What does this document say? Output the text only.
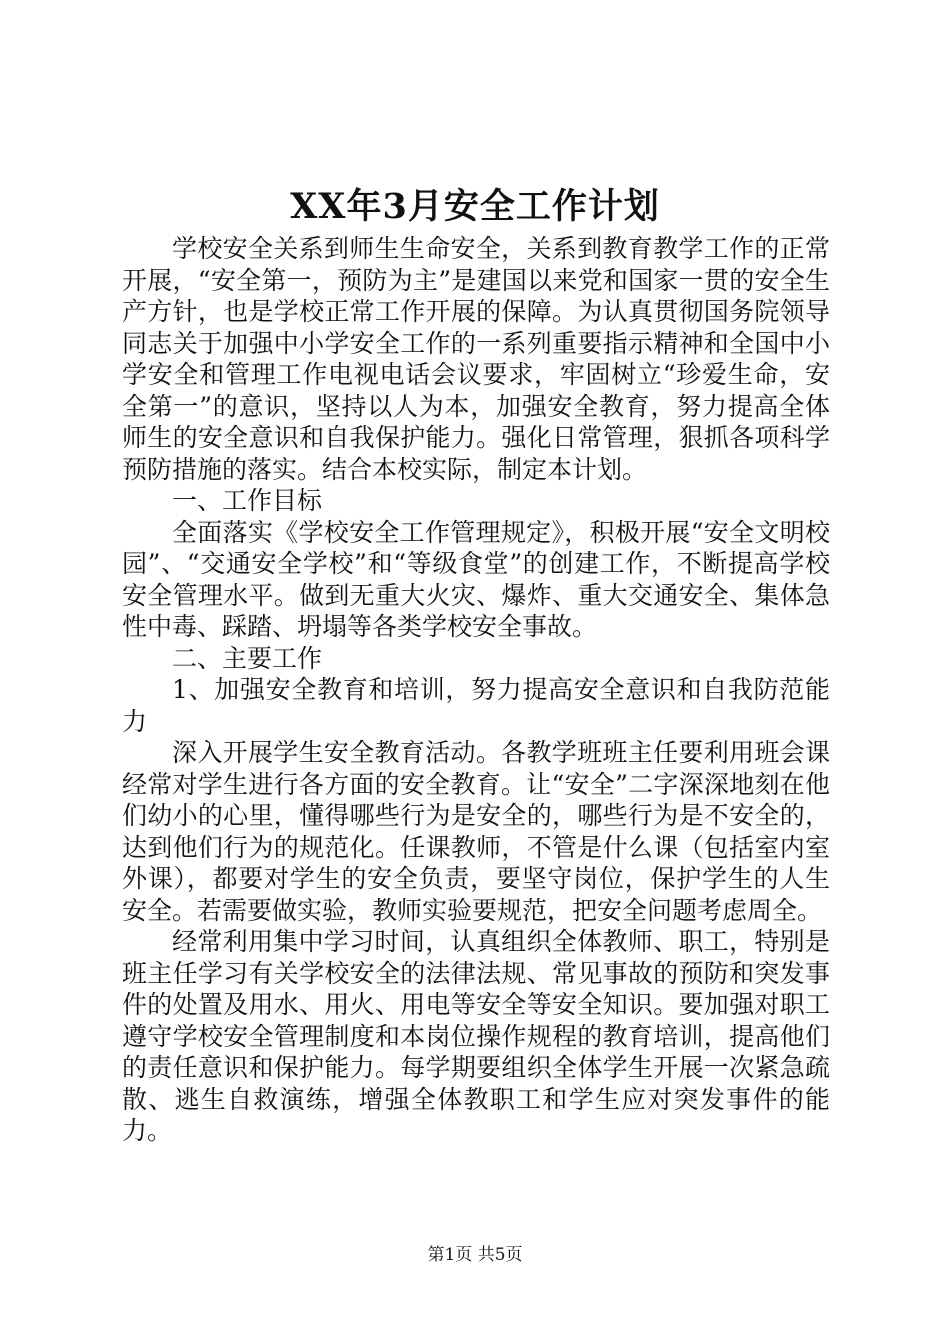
XX年3月安全工作计划

学校安全关系到师生生命安全，关系到教育教学工作的正常开展，“安全第一，预防为主”是建国以来党和国家一贯的安全生产方针，也是学校正常工作开展的保障。为认真贯彻国务院领导同志关于加强中小学安全工作的一系列重要指示精神和全国中小学安全和管理工作电视电话会议要求，牢固树立“珍爱生命，安全第一”的意识，坚持以人为本，加强安全教育，努力提高全体师生的安全意识和自我保护能力。强化日常管理，狠抓各项科学预防措施的落实。结合本校实际，制定本计划。

一、工作目标

全面落实《学校安全工作管理规定》，积极开展“安全文明校园”、“交通安全学校”和“等级食堂”的创建工作，不断提高学校安全管理水平。做到无重大火灾、爆炸、重大交通安全、集体急性中毒、踩踏、坍塌等各类学校安全事故。

二、主要工作

1、加强安全教育和培训，努力提高安全意识和自我防范能力

深入开展学生安全教育活动。各教学班班主任要利用班会课经常对学生进行各方面的安全教育。让“安全”二字深深地刻在他们幼小的心里，懂得哪些行为是安全的，哪些行为是不安全的，达到他们行为的规范化。任课教师，不管是什么课（包括室内室外课），都要对学生的安全负责，要坚守岗位，保护学生的人生安全。若需要做实验，教师实验要规范，把安全问题考虑周全。

经常利用集中学习时间，认真组织全体教师、职工，特别是班主任学习有关学校安全的法律法规、常见事故的预防和突发事件的处置及用水、用火、用电等安全等安全知识。要加强对职工遵守学校安全管理制度和本岗位操作规程的教育培训，提高他们的责任意识和保护能力。每学期要组织全体学生开展一次紧急疏散、逃生自救演练，增强全体教职工和学生应对突发事件的能力。

第1页 共5页
